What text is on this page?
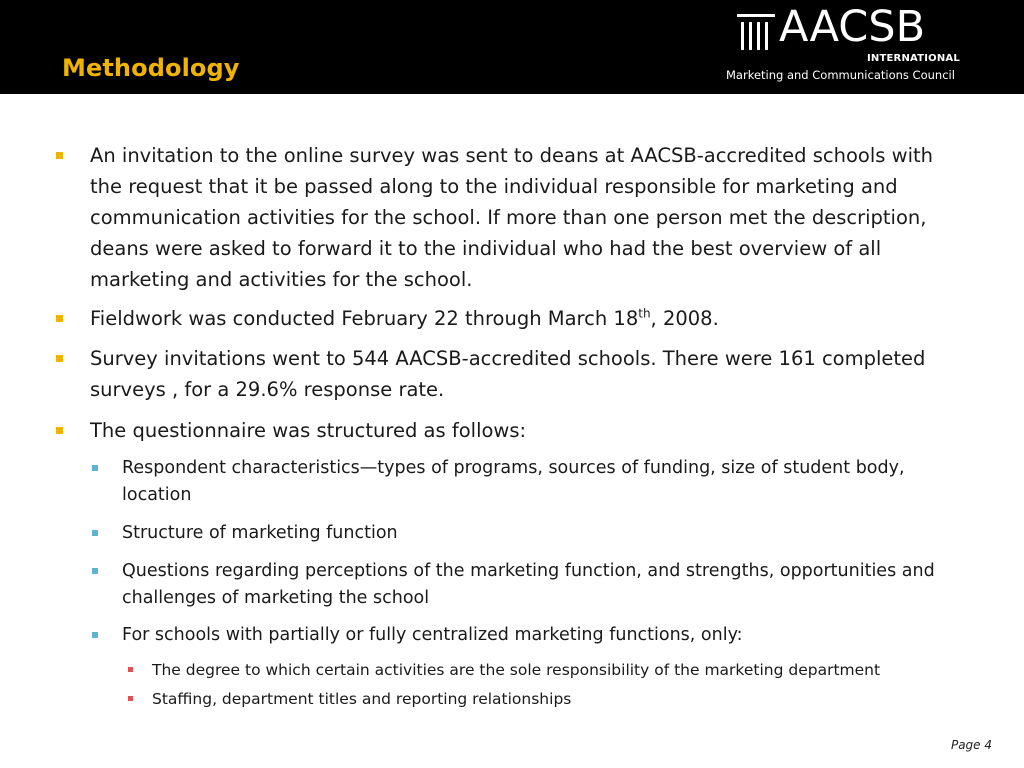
Methodology
AACSB
INTERNATIONAL
Marketing and Communications Council
An invitation to the online survey was sent to deans at AACSB-accredited schools with the request that it be passed along to the individual responsible for marketing and communication activities for the school. If more than one person met the description, deans were asked to forward it to the individual who had the best overview of all marketing and activities for the school.
Fieldwork was conducted February 22 through March 18th, 2008.
Survey invitations went to 544 AACSB-accredited schools. There were 161 completed surveys , for a 29.6% response rate.
The questionnaire was structured as follows:
Respondent characteristics—types of programs, sources of funding, size of student body, location
Structure of marketing function
Questions regarding perceptions of the marketing function, and strengths, opportunities and challenges of marketing the school
For schools with partially or fully centralized marketing functions, only:
The degree to which certain activities are the sole responsibility of the marketing department
Staffing, department titles and reporting relationships
Page 4
